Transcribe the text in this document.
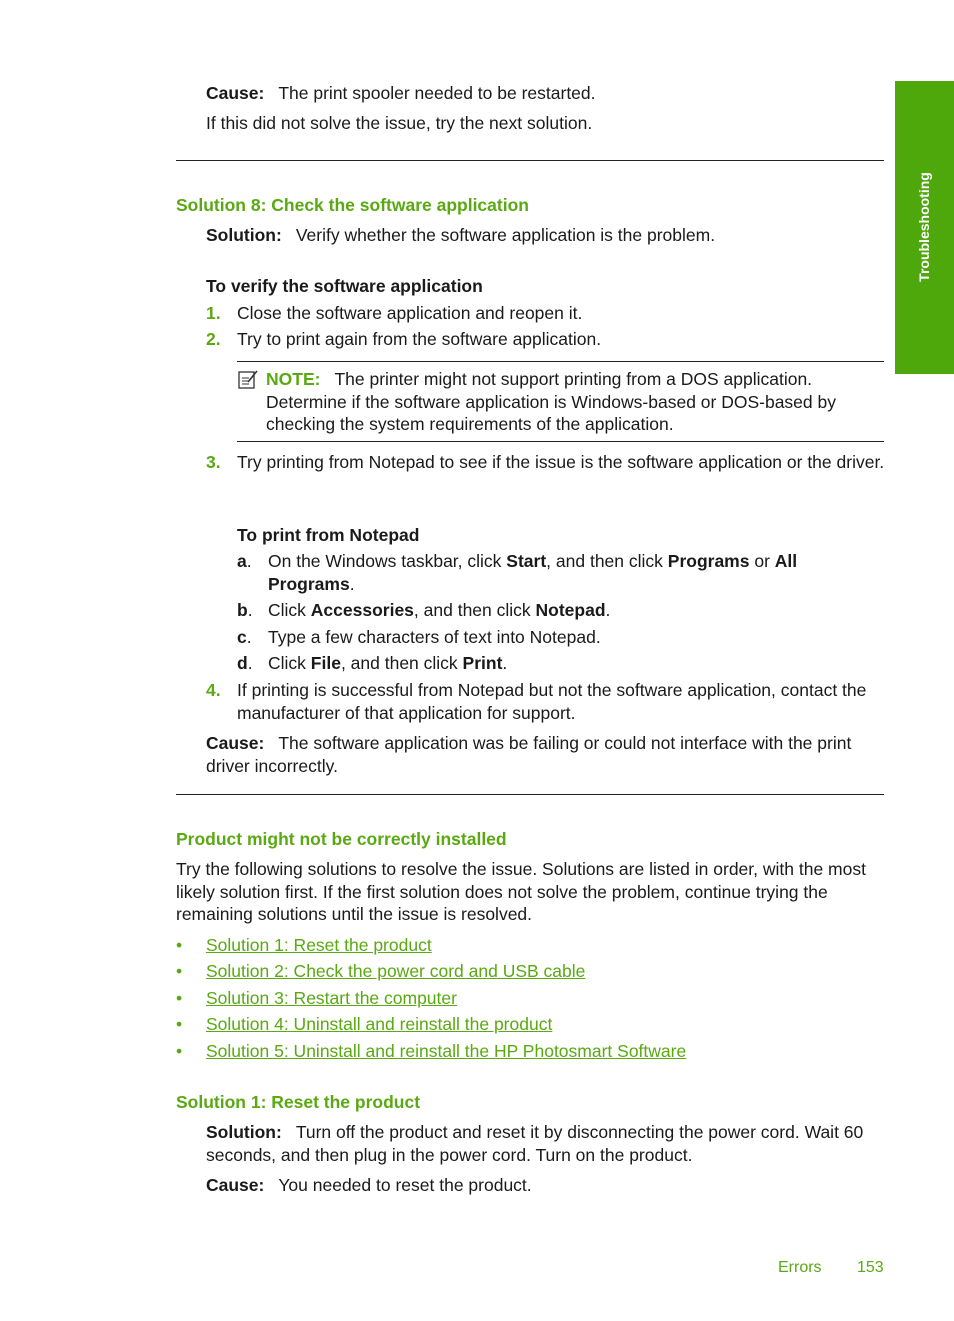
Troubleshooting
Cause: The print spooler needed to be restarted.
If this did not solve the issue, try the next solution.
Solution 8: Check the software application
Solution: Verify whether the software application is the problem.
To verify the software application
1. Close the software application and reopen it.
2. Try to print again from the software application.
NOTE: The printer might not support printing from a DOS application. Determine if the software application is Windows-based or DOS-based by checking the system requirements of the application.
3. Try printing from Notepad to see if the issue is the software application or the driver.
To print from Notepad
a. On the Windows taskbar, click Start, and then click Programs or All Programs.
b. Click Accessories, and then click Notepad.
c. Type a few characters of text into Notepad.
d. Click File, and then click Print.
4. If printing is successful from Notepad but not the software application, contact the manufacturer of that application for support.
Cause: The software application was be failing or could not interface with the print driver incorrectly.
Product might not be correctly installed
Try the following solutions to resolve the issue. Solutions are listed in order, with the most likely solution first. If the first solution does not solve the problem, continue trying the remaining solutions until the issue is resolved.
• Solution 1: Reset the product
• Solution 2: Check the power cord and USB cable
• Solution 3: Restart the computer
• Solution 4: Uninstall and reinstall the product
• Solution 5: Uninstall and reinstall the HP Photosmart Software
Solution 1: Reset the product
Solution: Turn off the product and reset it by disconnecting the power cord. Wait 60 seconds, and then plug in the power cord. Turn on the product.
Cause: You needed to reset the product.
Errors 153
